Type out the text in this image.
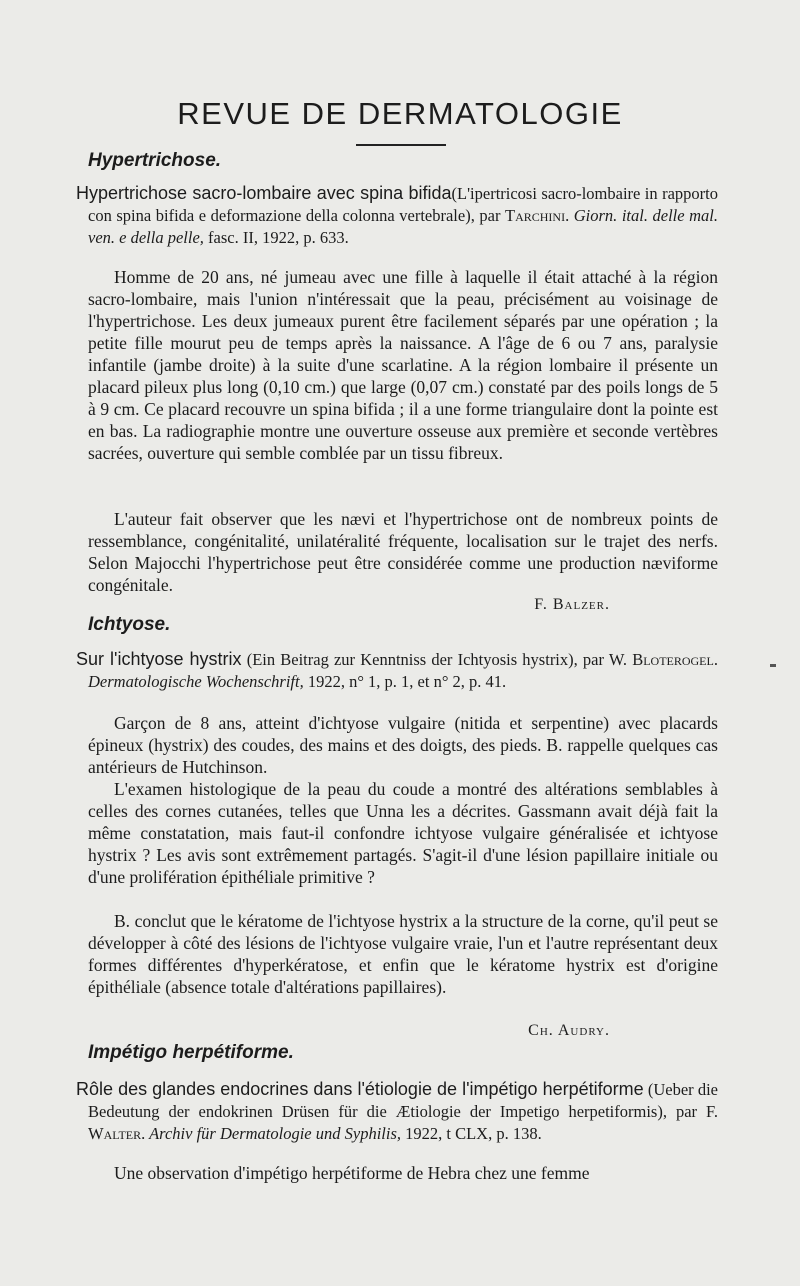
REVUE DE DERMATOLOGIE
Hypertrichose.
Hypertrichose sacro-lombaire avec spina bifida(L'ipertricosi sacro-lombaire in rapporto con spina bifida e deformazione della colonna vertebrale), par Tarchini. Giorn. ital. delle mal. ven. e della pelle, fasc. II, 1922, p. 633.

Homme de 20 ans, né jumeau avec une fille à laquelle il était attaché à la région sacro-lombaire, mais l'union n'intéressait que la peau, précisément au voisinage de l'hypertrichose. Les deux jumeaux purent être facilement séparés par une opération ; la petite fille mourut peu de temps après la naissance. A l'âge de 6 ou 7 ans, paralysie infantile (jambe droite) à la suite d'une scarlatine. A la région lombaire il présente un placard pileux plus long (0,10 cm.) que large (0,07 cm.) constaté par des poils longs de 5 à 9 cm. Ce placard recouvre un spina bifida ; il a une forme triangulaire dont la pointe est en bas. La radiographie montre une ouverture osseuse aux première et seconde vertèbres sacrées, ouverture qui semble comblée par un tissu fibreux.

L'auteur fait observer que les nævi et l'hypertrichose ont de nombreux points de ressemblance, congénitalité, unilatéralité fréquente, localisation sur le trajet des nerfs. Selon Majocchi l'hypertrichose peut être considérée comme une production næviforme congénitale.

F. Balzer.

Ichtyose.
Sur l'ichtyose hystrix (Ein Beitrag zur Kenntniss der Ichtyosis hystrix), par W. Bloterogel. Dermatologische Wochenschrift, 1922, n° 1, p. 1, et n° 2, p. 41.

Garçon de 8 ans, atteint d'ichtyose vulgaire (nitida et serpentine) avec placards épineux (hystrix) des coudes, des mains et des doigts, des pieds. B. rappelle quelques cas antérieurs de Hutchinson.

L'examen histologique de la peau du coude a montré des altérations semblables à celles des cornes cutanées, telles que Unna les a décrites. Gassmann avait déjà fait la même constatation, mais faut-il confondre ichtyose vulgaire généralisée et ichtyose hystrix ? Les avis sont extrêmement partagés. S'agit-il d'une lésion papillaire initiale ou d'une prolifération épithéliale primitive ?

B. conclut que le kératome de l'ichtyose hystrix a la structure de la corne, qu'il peut se développer à côté des lésions de l'ichtyose vulgaire vraie, l'un et l'autre représentant deux formes différentes d'hyperkératose, et enfin que le kératome hystrix est d'origine épithéliale (absence totale d'altérations papillaires).

Ch. Audry.

Impétigo herpétiforme.
Rôle des glandes endocrines dans l'étiologie de l'impétigo herpétiforme (Ueber die Bedeutung der endokrinen Drüsen für die Ætiologie der Impetigo herpetiformis), par F. Walter. Archiv für Dermatologie und Syphilis, 1922, t CLX, p. 138.

Une observation d'impétigo herpétiforme de Hebra chez une femme
